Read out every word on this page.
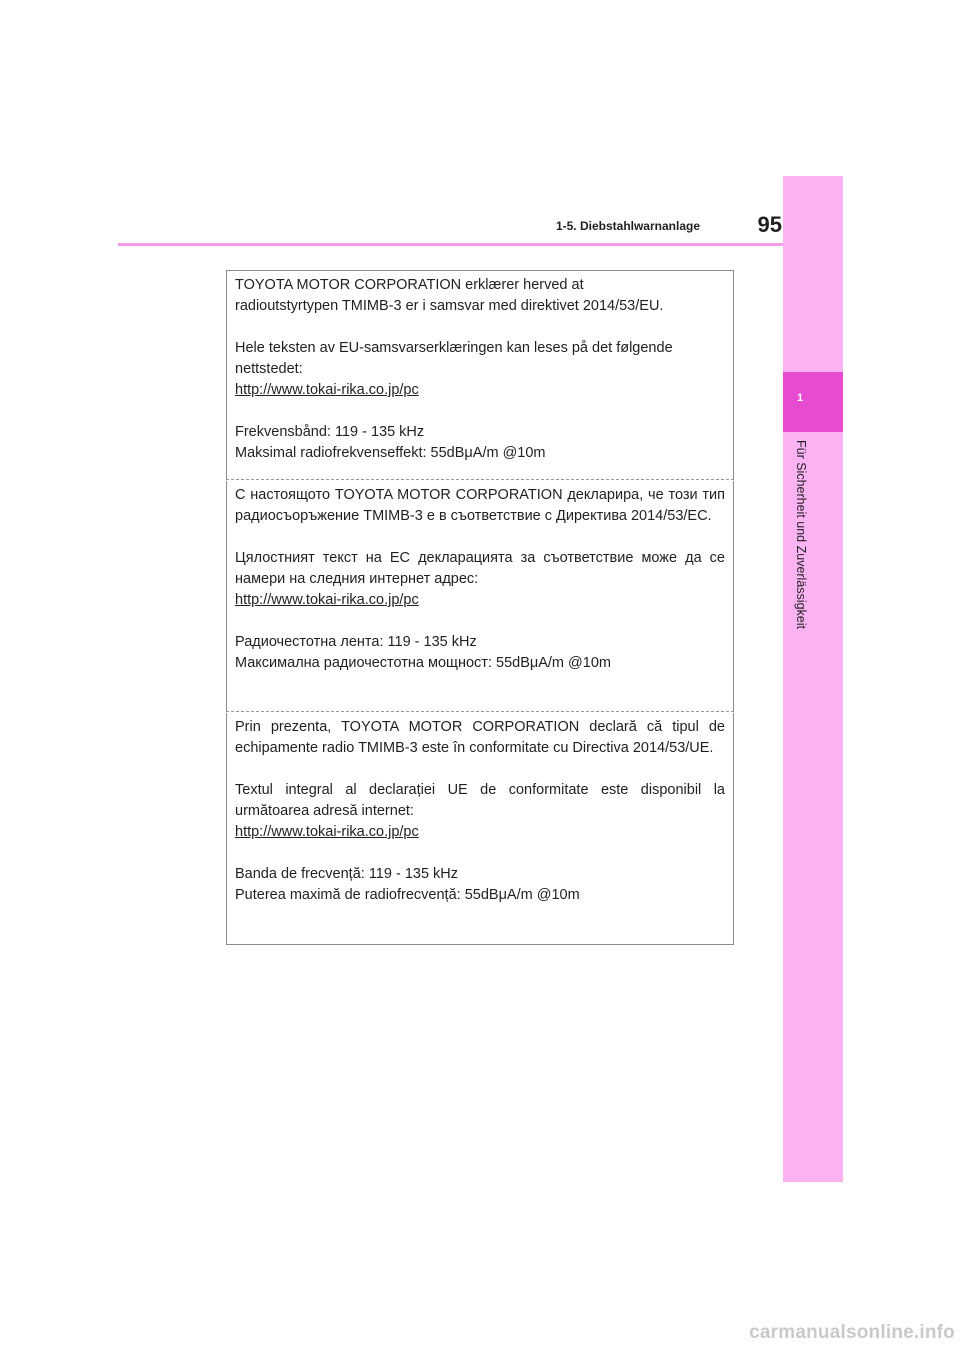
1
Für Sicherheit und Zuverlässigkeit
1-5. Diebstahlwarnanlage	95

TOYOTA MOTOR CORPORATION erklærer herved at

radioutstyrtypen TMIMB-3 er i samsvar med direktivet 2014/53/EU.

Hele teksten av EU-samsvarserklæringen kan leses på det følgende

nettstedet:

http://www.tokai-rika.co.jp/pc

Frekvensbånd: 119 - 135 kHz

Maksimal radiofrekvenseffekt: 55dBμA/m @10m

С настоящото TOYOTA MOTOR CORPORATION декларира, че този тип радиосъоръжение TMIMB-3 е в съответствие с Директива 2014/53/ЕС.

Цялостният текст на ЕС декларацията за съответствие може да се намери на следния интернет адрес:

http://www.tokai-rika.co.jp/pc

Радиочестотна лента: 119 - 135 kHz

Максимална радиочестотна мощност: 55dBμA/m @10m

Prin prezenta, TOYOTA MOTOR CORPORATION declară că tipul de echipamente radio TMIMB-3 este în conformitate cu Directiva 2014/53/UE.

Textul integral al declarației UE de conformitate este disponibil la următoarea adresă internet:

http://www.tokai-rika.co.jp/pc

Banda de frecvență: 119 - 135 kHz

Puterea maximă de radiofrecvență: 55dBμA/m @10m

carmanualsonline.info
